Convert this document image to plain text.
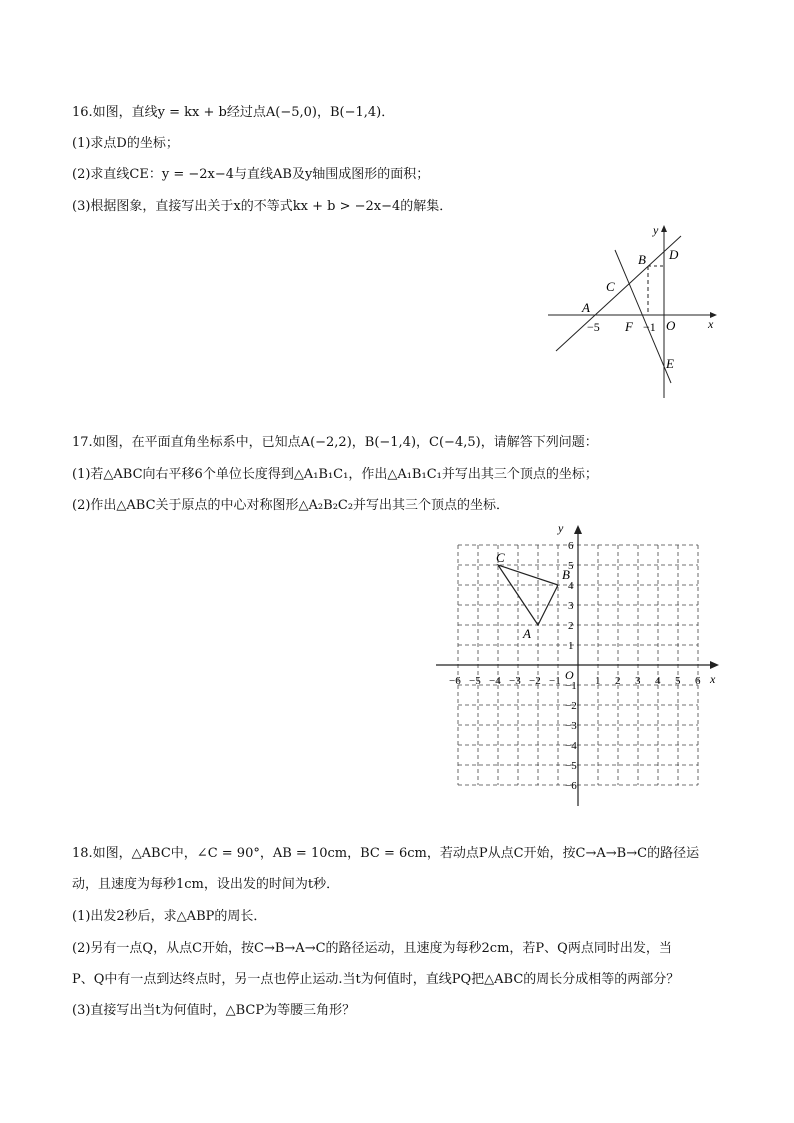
16.如图，直线y = kx + b经过点A(−5,0)，B(−1,4)．
(1)求点D的坐标；
(2)求直线CE：y = −2x−4与直线AB及y轴围成图形的面积；
(3)根据图象，直接写出关于x的不等式kx + b > −2x−4的解集．
y
B D
C
A
−5 F −1 O	x
E
17.如图，在平面直角坐标系中，已知点A(−2,2)，B(−1,4)，C(−4,5)，请解答下列问题：
(1)若△ABC向右平移6个单位长度得到△A₁B₁C₁，作出△A₁B₁C₁并写出其三个顶点的坐标；
(2)作出△ABC关于原点的中心对称图形△A₂B₂C₂并写出其三个顶点的坐标．
−6 −5 −4 −3 −2 −1	1 2 3 4 5 6
6
5
4
3
2
1
−1
−2
−3
−4
−5
−6
y
x
O
A
B
C
18.如图，△ABC中，∠C = 90°，AB = 10cm，BC = 6cm，若动点P从点C开始，按C→A→B→C的路径运
动，且速度为每秒1cm，设出发的时间为t秒．
(1)出发2秒后，求△ABP的周长．
(2)另有一点Q，从点C开始，按C→B→A→C的路径运动，且速度为每秒2cm，若P、Q两点同时出发，当
P、Q中有一点到达终点时，另一点也停止运动.当t为何值时，直线PQ把△ABC的周长分成相等的两部分？
(3)直接写出当t为何值时，△BCP为等腰三角形？
